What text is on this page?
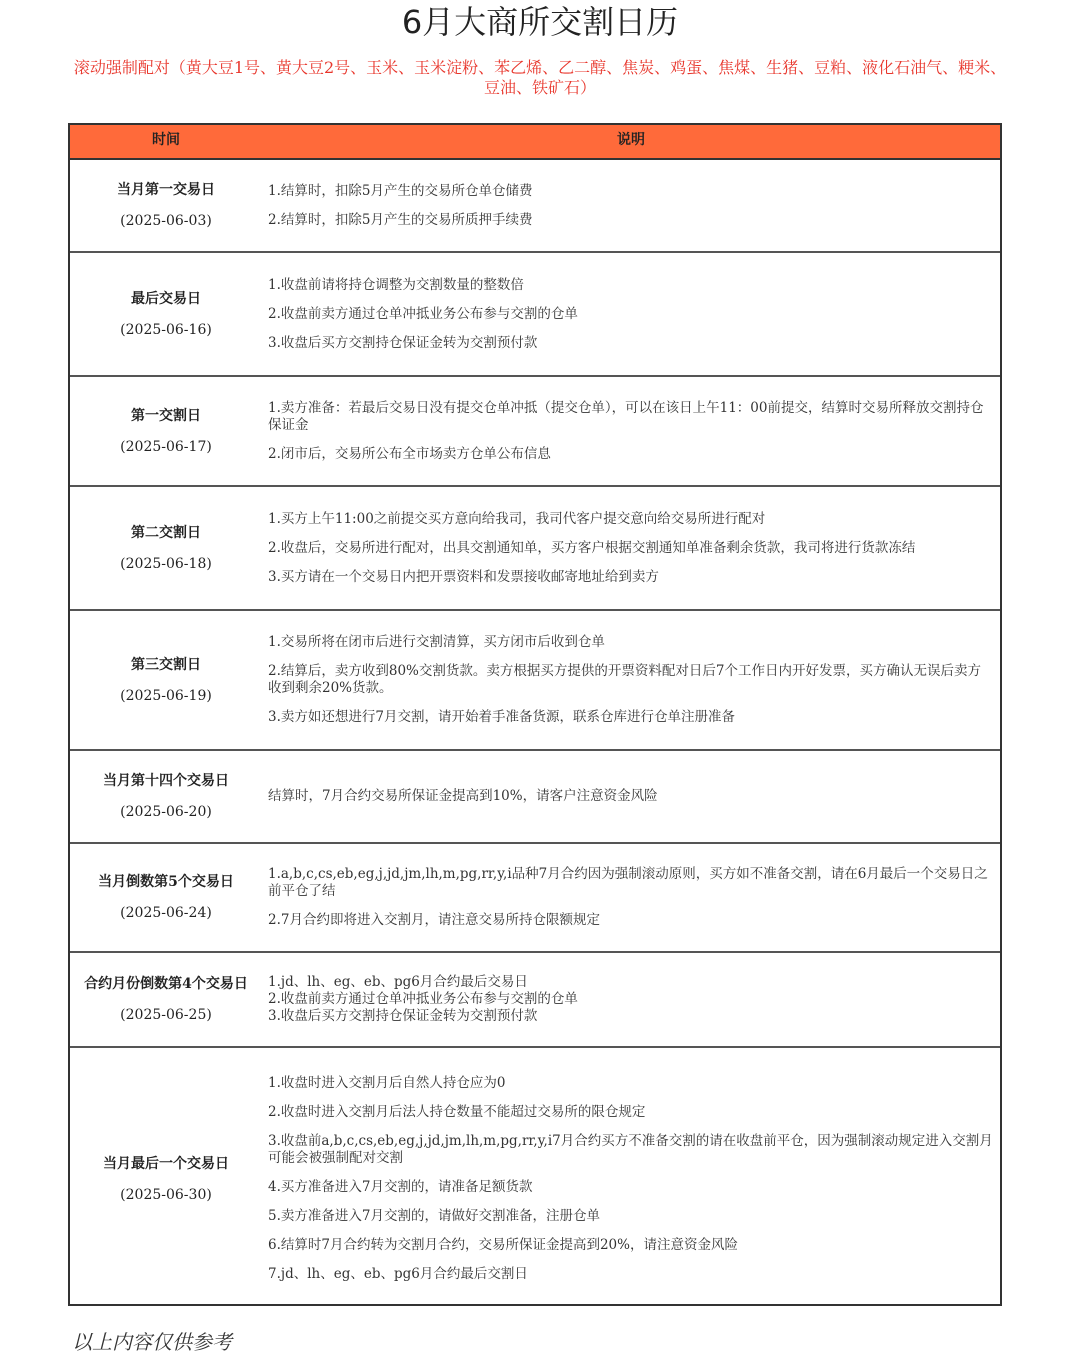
6月大商所交割日历
滚动强制配对（黄大豆1号、黄大豆2号、玉米、玉米淀粉、苯乙烯、乙二醇、焦炭、鸡蛋、焦煤、生猪、豆粕、液化石油气、粳米、豆油、铁矿石）
时间	说明
当月第一交易日
(2025-06-03)
1.结算时，扣除5月产生的交易所仓单仓储费
2.结算时，扣除5月产生的交易所质押手续费
最后交易日
(2025-06-16)
1.收盘前请将持仓调整为交割数量的整数倍
2.收盘前卖方通过仓单冲抵业务公布参与交割的仓单
3.收盘后买方交割持仓保证金转为交割预付款
第一交割日
(2025-06-17)
1.卖方准备：若最后交易日没有提交仓单冲抵（提交仓单），可以在该日上午11：00前提交，结算时交易所释放交割持仓保证金
2.闭市后，交易所公布全市场卖方仓单公布信息
第二交割日
(2025-06-18)
1.买方上午11:00之前提交买方意向给我司，我司代客户提交意向给交易所进行配对
2.收盘后，交易所进行配对，出具交割通知单，买方客户根据交割通知单准备剩余货款，我司将进行货款冻结
3.买方请在一个交易日内把开票资料和发票接收邮寄地址给到卖方
第三交割日
(2025-06-19)
1.交易所将在闭市后进行交割清算，买方闭市后收到仓单
2.结算后，卖方收到80%交割货款。卖方根据买方提供的开票资料配对日后7个工作日内开好发票，买方确认无误后卖方收到剩余20%货款。
3.卖方如还想进行7月交割，请开始着手准备货源，联系仓库进行仓单注册准备
当月第十四个交易日
(2025-06-20)
结算时，7月合约交易所保证金提高到10%，请客户注意资金风险
当月倒数第5个交易日
(2025-06-24)
1.a,b,c,cs,eb,eg,j,jd,jm,lh,m,pg,rr,y,i品种7月合约因为强制滚动原则，买方如不准备交割，请在6月最后一个交易日之前平仓了结
2.7月合约即将进入交割月，请注意交易所持仓限额规定
合约月份倒数第4个交易日
(2025-06-25)
1.jd、lh、eg、eb、pg6月合约最后交易日
2.收盘前卖方通过仓单冲抵业务公布参与交割的仓单
3.收盘后买方交割持仓保证金转为交割预付款
当月最后一个交易日
(2025-06-30)
1.收盘时进入交割月后自然人持仓应为0
2.收盘时进入交割月后法人持仓数量不能超过交易所的限仓规定
3.收盘前a,b,c,cs,eb,eg,j,jd,jm,lh,m,pg,rr,y,i7月合约买方不准备交割的请在收盘前平仓，因为强制滚动规定进入交割月可能会被强制配对交割
4.买方准备进入7月交割的，请准备足额货款
5.卖方准备进入7月交割的，请做好交割准备，注册仓单
6.结算时7月合约转为交割月合约，交易所保证金提高到20%，请注意资金风险
7.jd、lh、eg、eb、pg6月合约最后交割日
以上内容仅供参考
